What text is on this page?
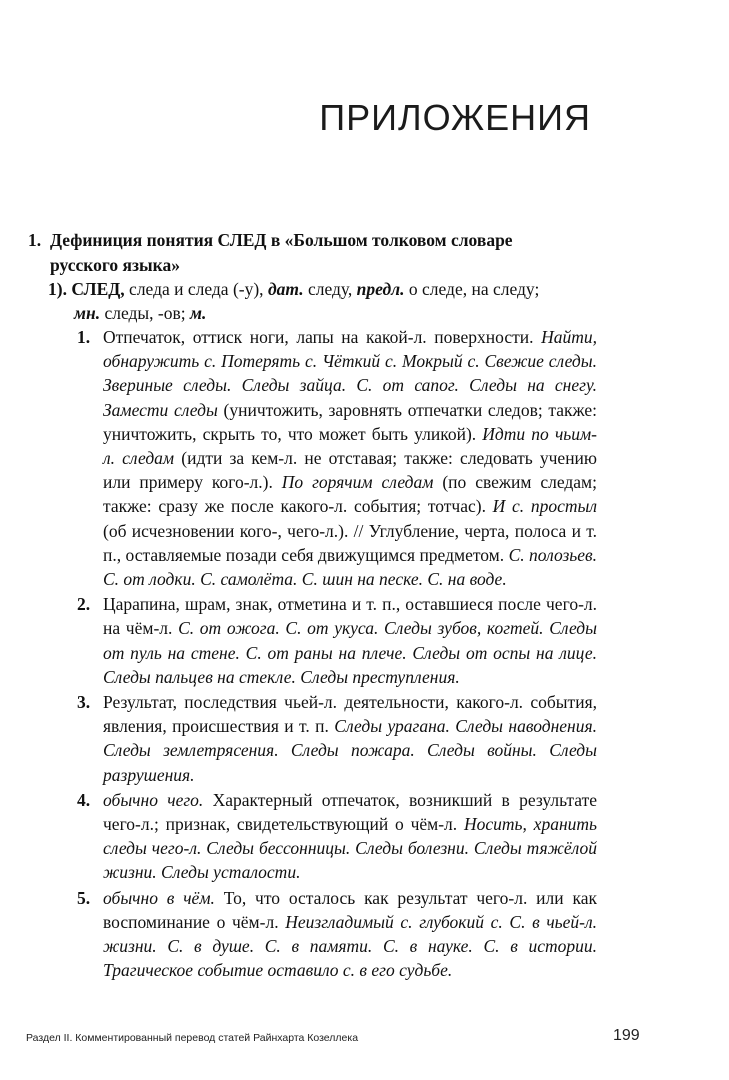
ПРИЛОЖЕНИЯ
1. Дефиниция понятия СЛЕД в «Большом толковом словаре
русского языка»
1). СЛЕД, следа и следа (-у), дат. следу, предл. о следе, на следу;
мн. следы, -ов; м.
1. Отпечаток, оттиск ноги, лапы на какой-л. поверхности. Найти, обнаружить с. Потерять с. Чёткий с. Мокрый с. Свежие следы. Звериные следы. Следы зайца. С. от сапог. Следы на снегу. Замести следы (уничтожить, заровнять отпечатки следов; также: уничтожить, скрыть то, что может быть уликой). Идти по чьим- л. следам (идти за кем-л. не отставая; также: следовать учению или примеру кого-л.). По горячим следам (по свежим следам; также: сразу же после какого-л. события; тотчас). И с. простыл (об исчезновении кого-, чего-л.). // Углубление, черта, полоса и т. п., оставляемые позади себя движущимся предметом. С. полозьев. С. от лодки. С. самолёта. С. шин на песке. С. на воде.
2. Царапина, шрам, знак, отметина и т. п., оставшиеся после чего-л. на чём-л. С. от ожога. С. от укуса. Следы зубов, когтей. Следы от пуль на стене. С. от раны на плече. Следы от оспы на лице. Следы пальцев на стекле. Следы преступления.
3. Результат, последствия чьей-л. деятельности, какого-л. события, явления, происшествия и т. п. Следы урагана. Следы наводнения. Следы землетрясения. Следы пожара. Следы войны. Следы разрушения.
4. обычно чего. Характерный отпечаток, возникший в результате чего-л.; признак, свидетельствующий о чём-л. Носить, хранить следы чего-л. Следы бессонницы. Следы болезни. Следы тяжёлой жизни. Следы усталости.
5. обычно в чём. То, что осталось как результат чего-л. или как воспоминание о чём-л. Неизгладимый с. глубокий с. С. в чьей-л. жизни. С. в душе. С. в памяти. С. в науке. С. в истории. Трагическое событие оставило с. в его судьбе.
Раздел II. Комментированный перевод статей Райнхарта Козеллека	199
